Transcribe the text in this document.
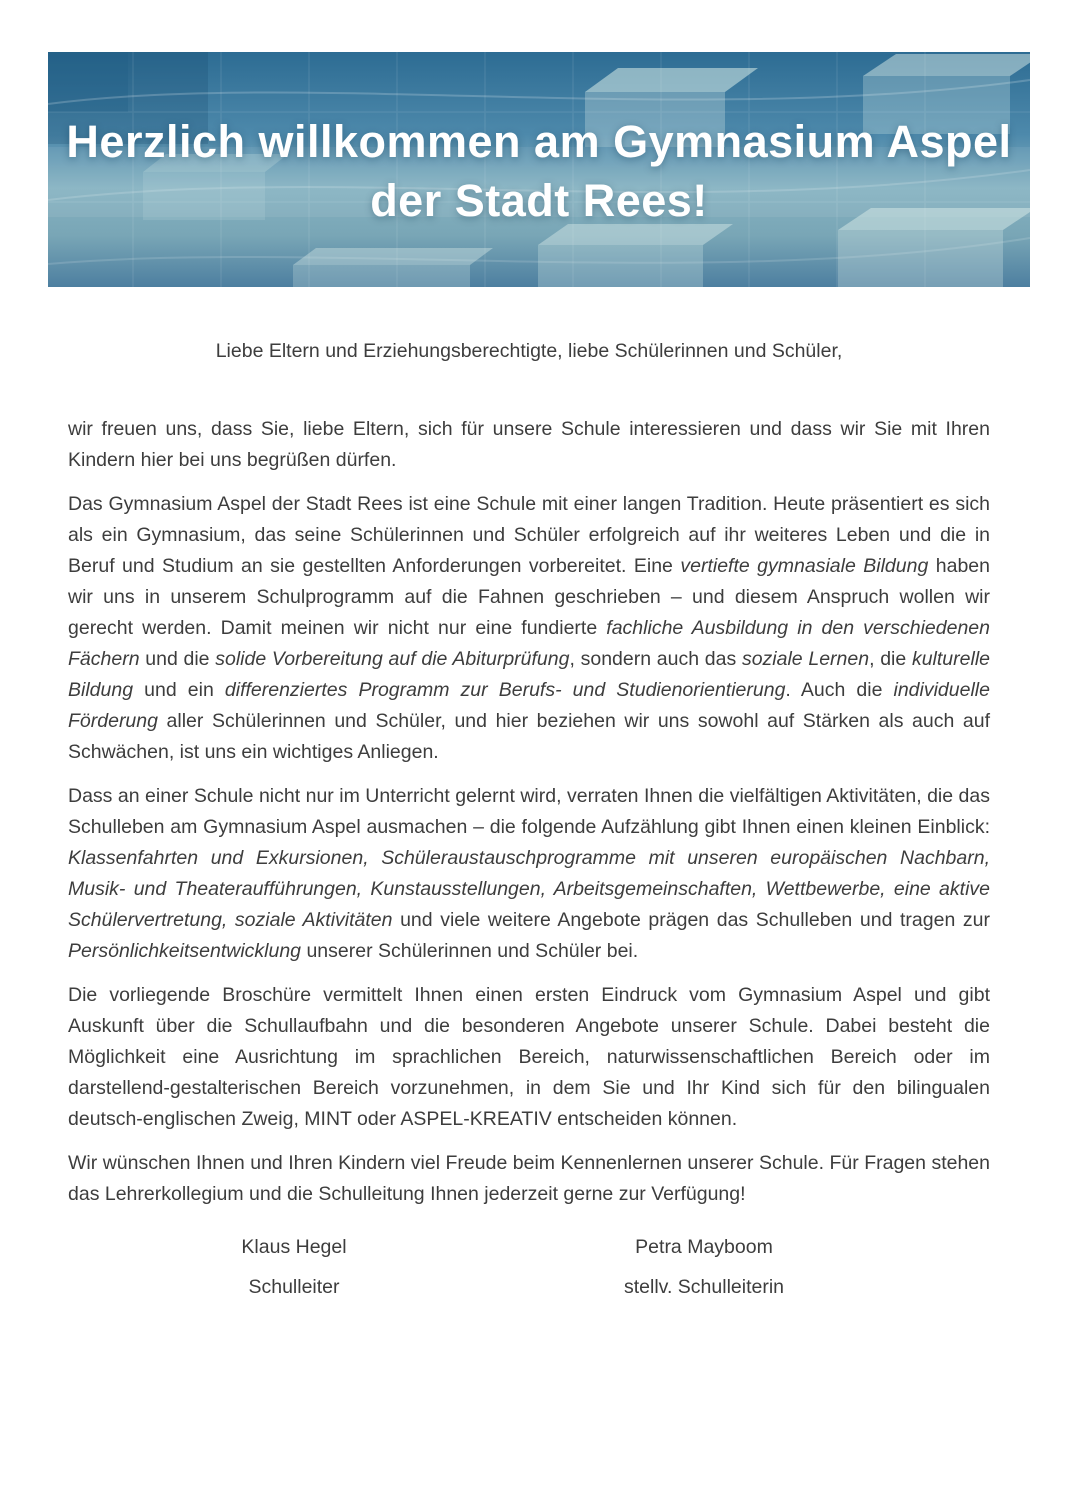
Herzlich willkommen am Gymnasium Aspel
der Stadt Rees!

Liebe Eltern und Erziehungsberechtigte, liebe Schülerinnen und Schüler,

wir freuen uns, dass Sie, liebe Eltern, sich für unsere Schule interessieren und dass wir Sie mit Ihren Kindern hier bei uns begrüßen dürfen.

Das Gymnasium Aspel der Stadt Rees ist eine Schule mit einer langen Tradition. Heute präsentiert es sich als ein Gymnasium, das seine Schülerinnen und Schüler erfolgreich auf ihr weiteres Leben und die in Beruf und Studium an sie gestellten Anforderungen vorbereitet. Eine vertiefte gymnasiale Bildung haben wir uns in unserem Schulprogramm auf die Fahnen geschrieben – und diesem Anspruch wollen wir gerecht werden. Damit meinen wir nicht nur eine fundierte fachliche Ausbildung in den verschiedenen Fächern und die solide Vorbereitung auf die Abiturprüfung, sondern auch das soziale Lernen, die kulturelle Bildung und ein differenziertes Programm zur Berufs- und Studienorientierung. Auch die individuelle Förderung aller Schülerinnen und Schüler, und hier beziehen wir uns sowohl auf Stärken als auch auf Schwächen, ist uns ein wichtiges Anliegen.

Dass an einer Schule nicht nur im Unterricht gelernt wird, verraten Ihnen die vielfältigen Aktivitäten, die das Schulleben am Gymnasium Aspel ausmachen – die folgende Aufzählung gibt Ihnen einen kleinen Einblick: Klassenfahrten und Exkursionen, Schüleraustauschprogramme mit unseren europäischen Nachbarn, Musik- und Theateraufführungen, Kunstausstellungen, Arbeitsgemeinschaften, Wettbewerbe, eine aktive Schülervertretung, soziale Aktivitäten und viele weitere Angebote prägen das Schulleben und tragen zur Persönlichkeitsentwicklung unserer Schülerinnen und Schüler bei.

Die vorliegende Broschüre vermittelt Ihnen einen ersten Eindruck vom Gymnasium Aspel und gibt Auskunft über die Schullaufbahn und die besonderen Angebote unserer Schule. Dabei besteht die Möglichkeit eine Ausrichtung im sprachlichen Bereich, naturwissenschaftlichen Bereich oder im darstellend-gestalterischen Bereich vorzunehmen, in dem Sie und Ihr Kind sich für den bilingualen deutsch-englischen Zweig, MINT oder ASPEL-KREATIV entscheiden können.

Wir wünschen Ihnen und Ihren Kindern viel Freude beim Kennenlernen unserer Schule. Für Fragen stehen das Lehrerkollegium und die Schulleitung Ihnen jederzeit gerne zur Verfügung!

Klaus Hegel
Schulleiter
Petra Mayboom
stellv. Schulleiterin
